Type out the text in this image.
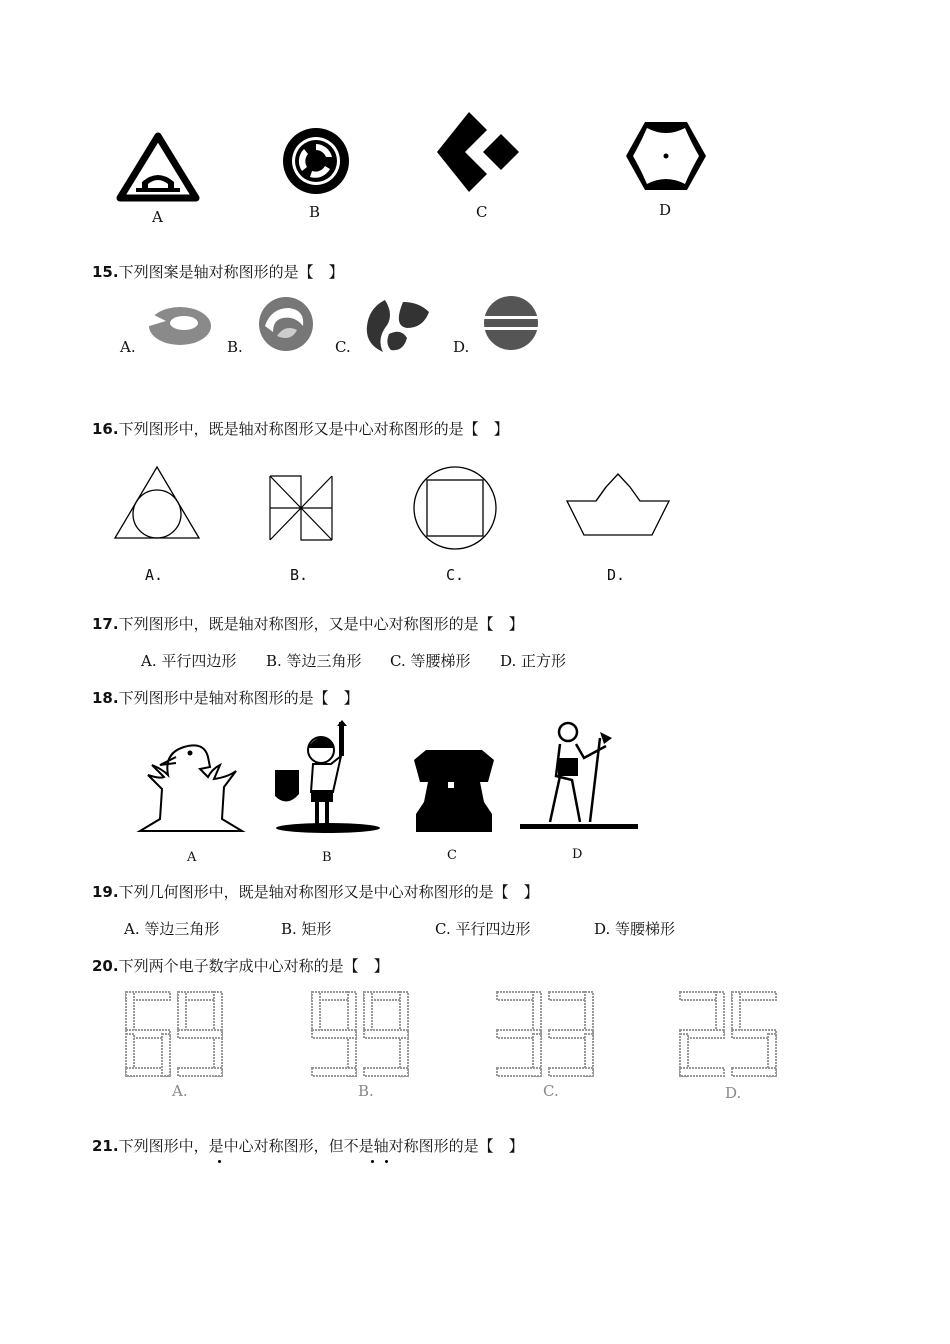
A	B	C	D
15.下列图案是轴对称图形的是【　】
A.	B.	C.	D.
16.下列图形中，既是轴对称图形又是中心对称图形的是【　】
A.	B.	C.	D.
17.下列图形中，既是轴对称图形，又是中心对称图形的是【　】
A. 平行四边形 B. 等边三角形 C. 等腰梯形 D. 正方形
18.下列图形中是轴对称图形的是【　】
A	B	C	D
19.下列几何图形中，既是轴对称图形又是中心对称图形的是【　】
A. 等边三角形	B. 矩形	C. 平行四边形	D. 等腰梯形
20.下列两个电子数字成中心对称的是【　】
A.	B.	C.	D.
21.下列图形中，是中心对称图形，但不是轴对称图形的是【　】
